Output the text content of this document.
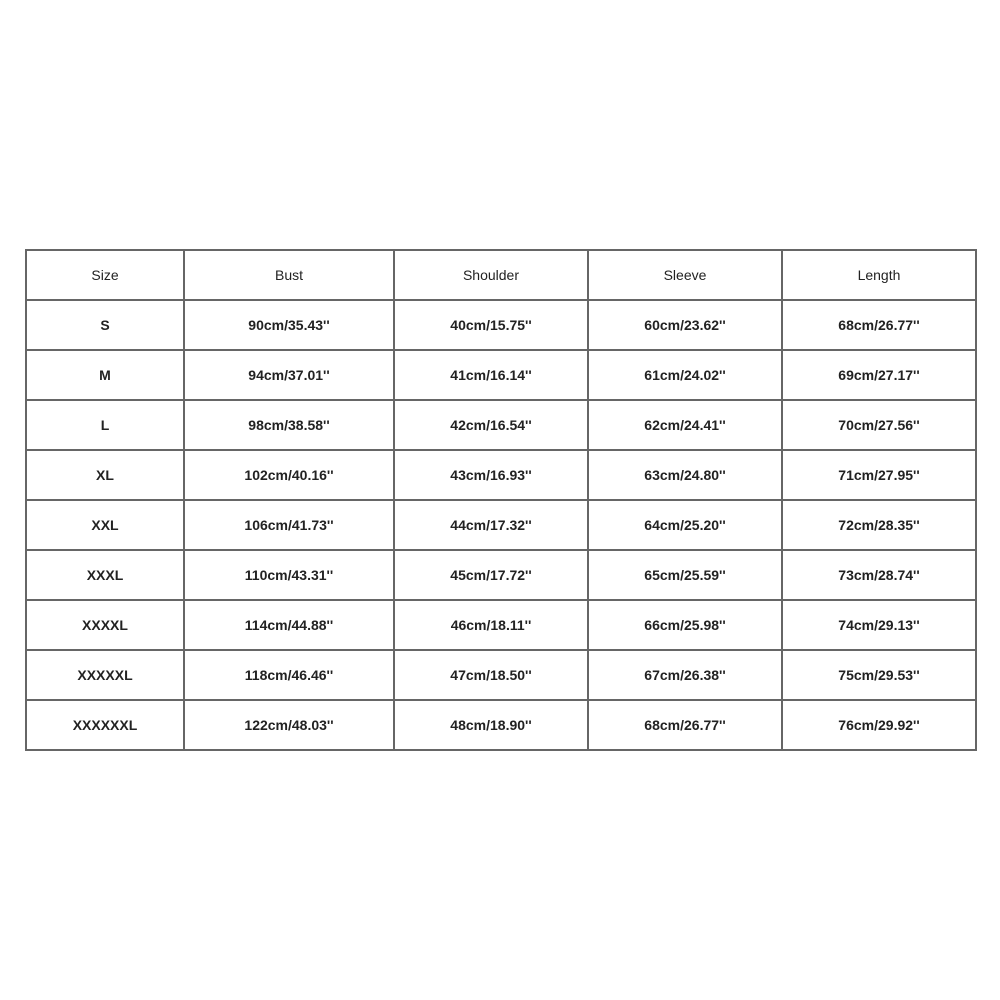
Size	Bust	Shoulder	Sleeve	Length
S	90cm/35.43''	40cm/15.75''	60cm/23.62''	68cm/26.77''
M	94cm/37.01''	41cm/16.14''	61cm/24.02''	69cm/27.17''
L	98cm/38.58''	42cm/16.54''	62cm/24.41''	70cm/27.56''
XL	102cm/40.16''	43cm/16.93''	63cm/24.80''	71cm/27.95''
XXL	106cm/41.73''	44cm/17.32''	64cm/25.20''	72cm/28.35''
XXXL	110cm/43.31''	45cm/17.72''	65cm/25.59''	73cm/28.74''
XXXXL	114cm/44.88''	46cm/18.11''	66cm/25.98''	74cm/29.13''
XXXXXL	118cm/46.46''	47cm/18.50''	67cm/26.38''	75cm/29.53''
XXXXXXL	122cm/48.03''	48cm/18.90''	68cm/26.77''	76cm/29.92''
